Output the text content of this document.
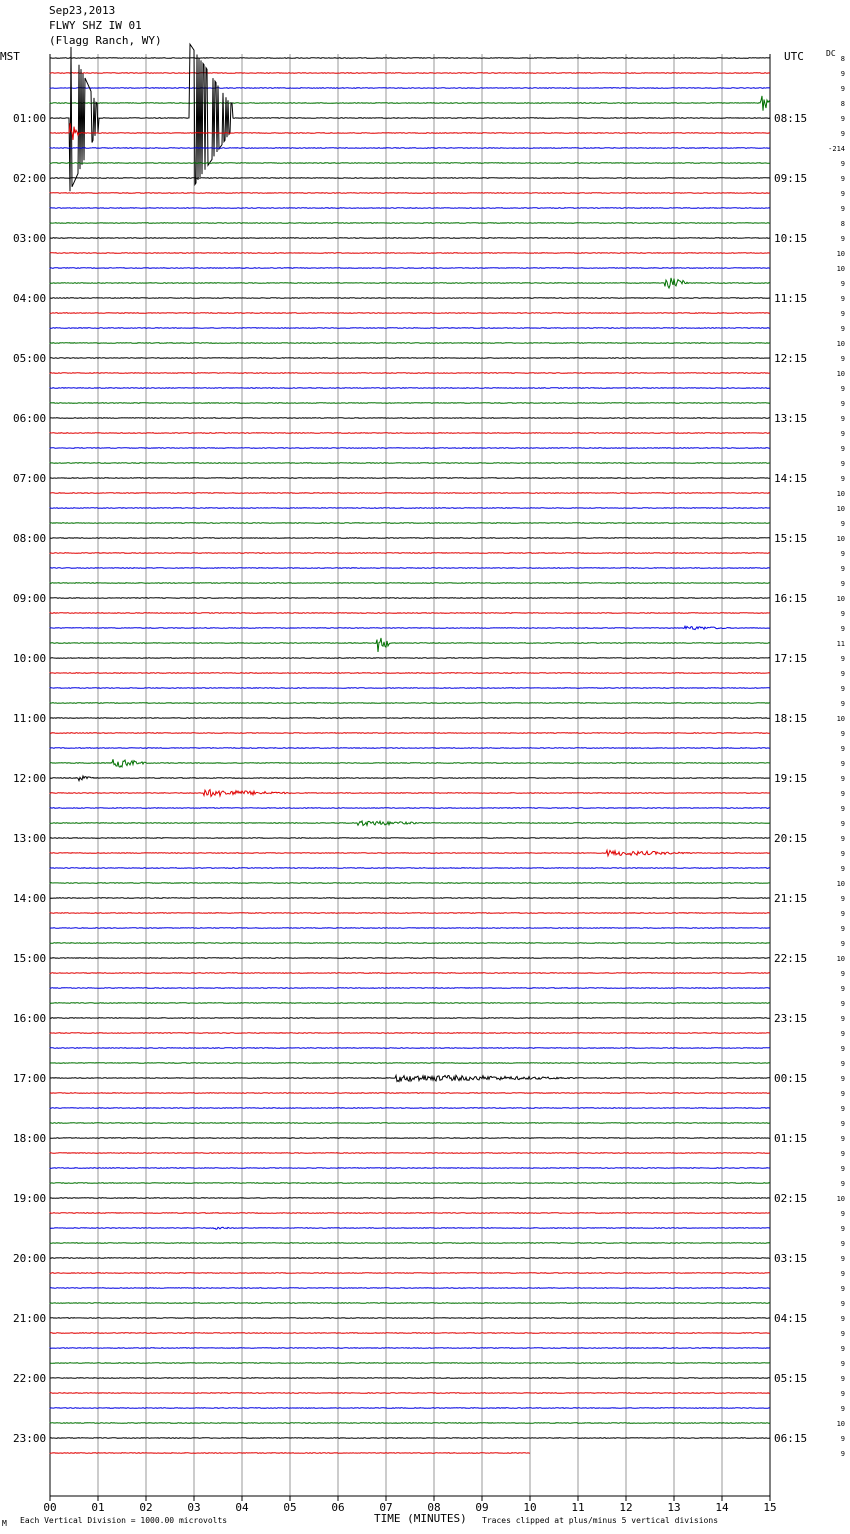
00	01	02	03	04	05	06	07	08	09	10	11	12	13	14	15
01:00
02:00
03:00
04:00
05:00
06:00
07:00
08:00
09:00
10:00
11:00
12:00
13:00
14:00
15:00
16:00
17:00
18:00
19:00
20:00
21:00
22:00
23:00
08:15
09:15
10:15
11:15
12:15
13:15
14:15
15:15
16:15
17:15
18:15
19:15
20:15
21:15
22:15
23:15
00:15
01:15
02:15
03:15
04:15
05:15
06:15
8
9
9
8
9
9
-214
9
9
9
9
8
9
10
10
9
9
9
9
10
9
10
9
9
9
9
9
9
9
10
10
9
10
9
9
9
10
9
9
11
9
9
9
9
10
9
9
9
9
9
9
9
9
9
9
10
9
9
9
9
10
9
9
9
9
9
9
9
9
9
9
9
9
9
9
9
10
9
9
9
9
9
9
9
9
9
9
9
9
9
9
10
9
9
Sep23,2013
FLWY SHZ IW 01
(Flagg Ranch, WY)
MST	UTC	DC
TIME (MINUTES)
Each Vertical Division = 1000.00 microvolts	Traces clipped at plus/minus 5 vertical divisions
M
